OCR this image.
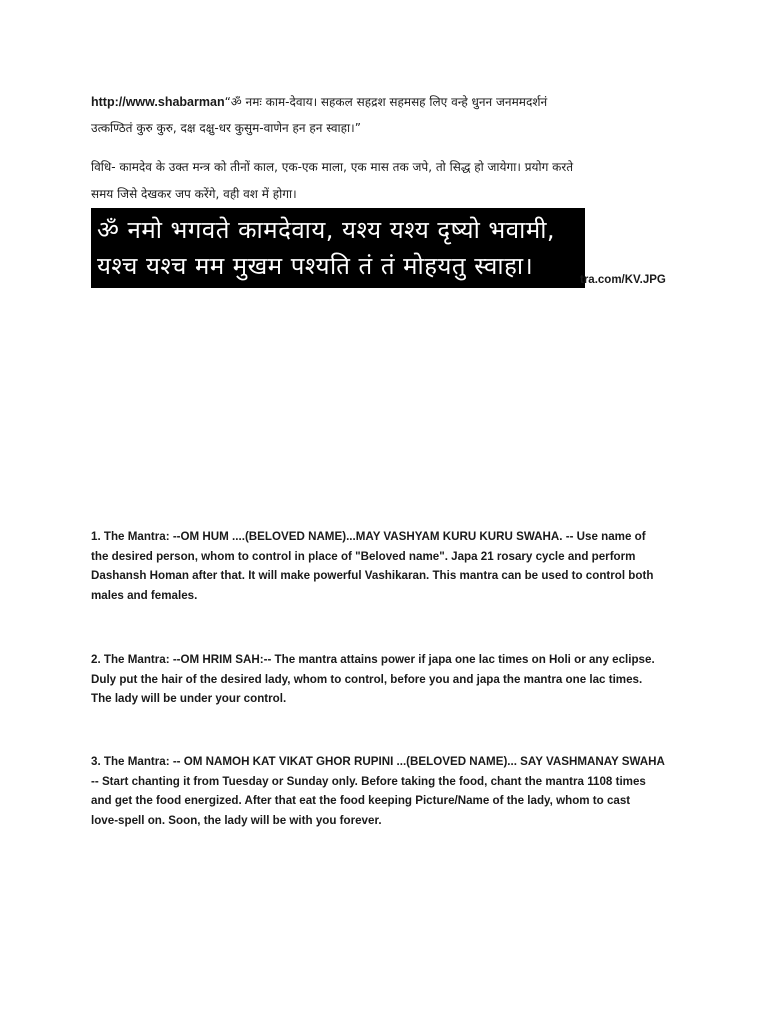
http://www.shabarman“ॐ नमः काम-देवाय। सहकल सहद्रश सहमसह लिए वन्हे धुनन जनममदर्शनं
उत्कण्ठितं कुरु कुरु, दक्ष दक्षु-धर कुसुम-वाणेन हन हन स्वाहा।”
विधि- कामदेव के उक्त मन्त्र को तीनों काल, एक-एक माला, एक मास तक जपे, तो सिद्ध हो जायेगा। प्रयोग करते
समय जिसे देखकर जप करेंगे, वही वश में होगा।
ॐ नमो भगवते कामदेवाय, यश्य यश्य दृष्यो भवामी,
यश्च यश्च मम मुखम पश्यति तं तं मोहयतु स्वाहा।	tra.com/KV.JPG
1. The Mantra: --OM HUM ....(BELOVED NAME)...MAY VASHYAM KURU KURU SWAHA. -- Use name of
the desired person, whom to control in place of "Beloved name". Japa 21 rosary cycle and perform
Dashansh Homan after that. It will make powerful Vashikaran. This mantra can be used to control both
males and females.
2. The Mantra: --OM HRIM SAH:-- The mantra attains power if japa one lac times on Holi or any eclipse.
Duly put the hair of the desired lady, whom to control, before you and japa the mantra one lac times.
The lady will be under your control.
3. The Mantra: -- OM NAMOH KAT VIKAT GHOR RUPINI ...(BELOVED NAME)... SAY VASHMANAY SWAHA
-- Start chanting it from Tuesday or Sunday only. Before taking the food, chant the mantra 1108 times
and get the food energized. After that eat the food keeping Picture/Name of the lady, whom to cast
love-spell on. Soon, the lady will be with you forever.
